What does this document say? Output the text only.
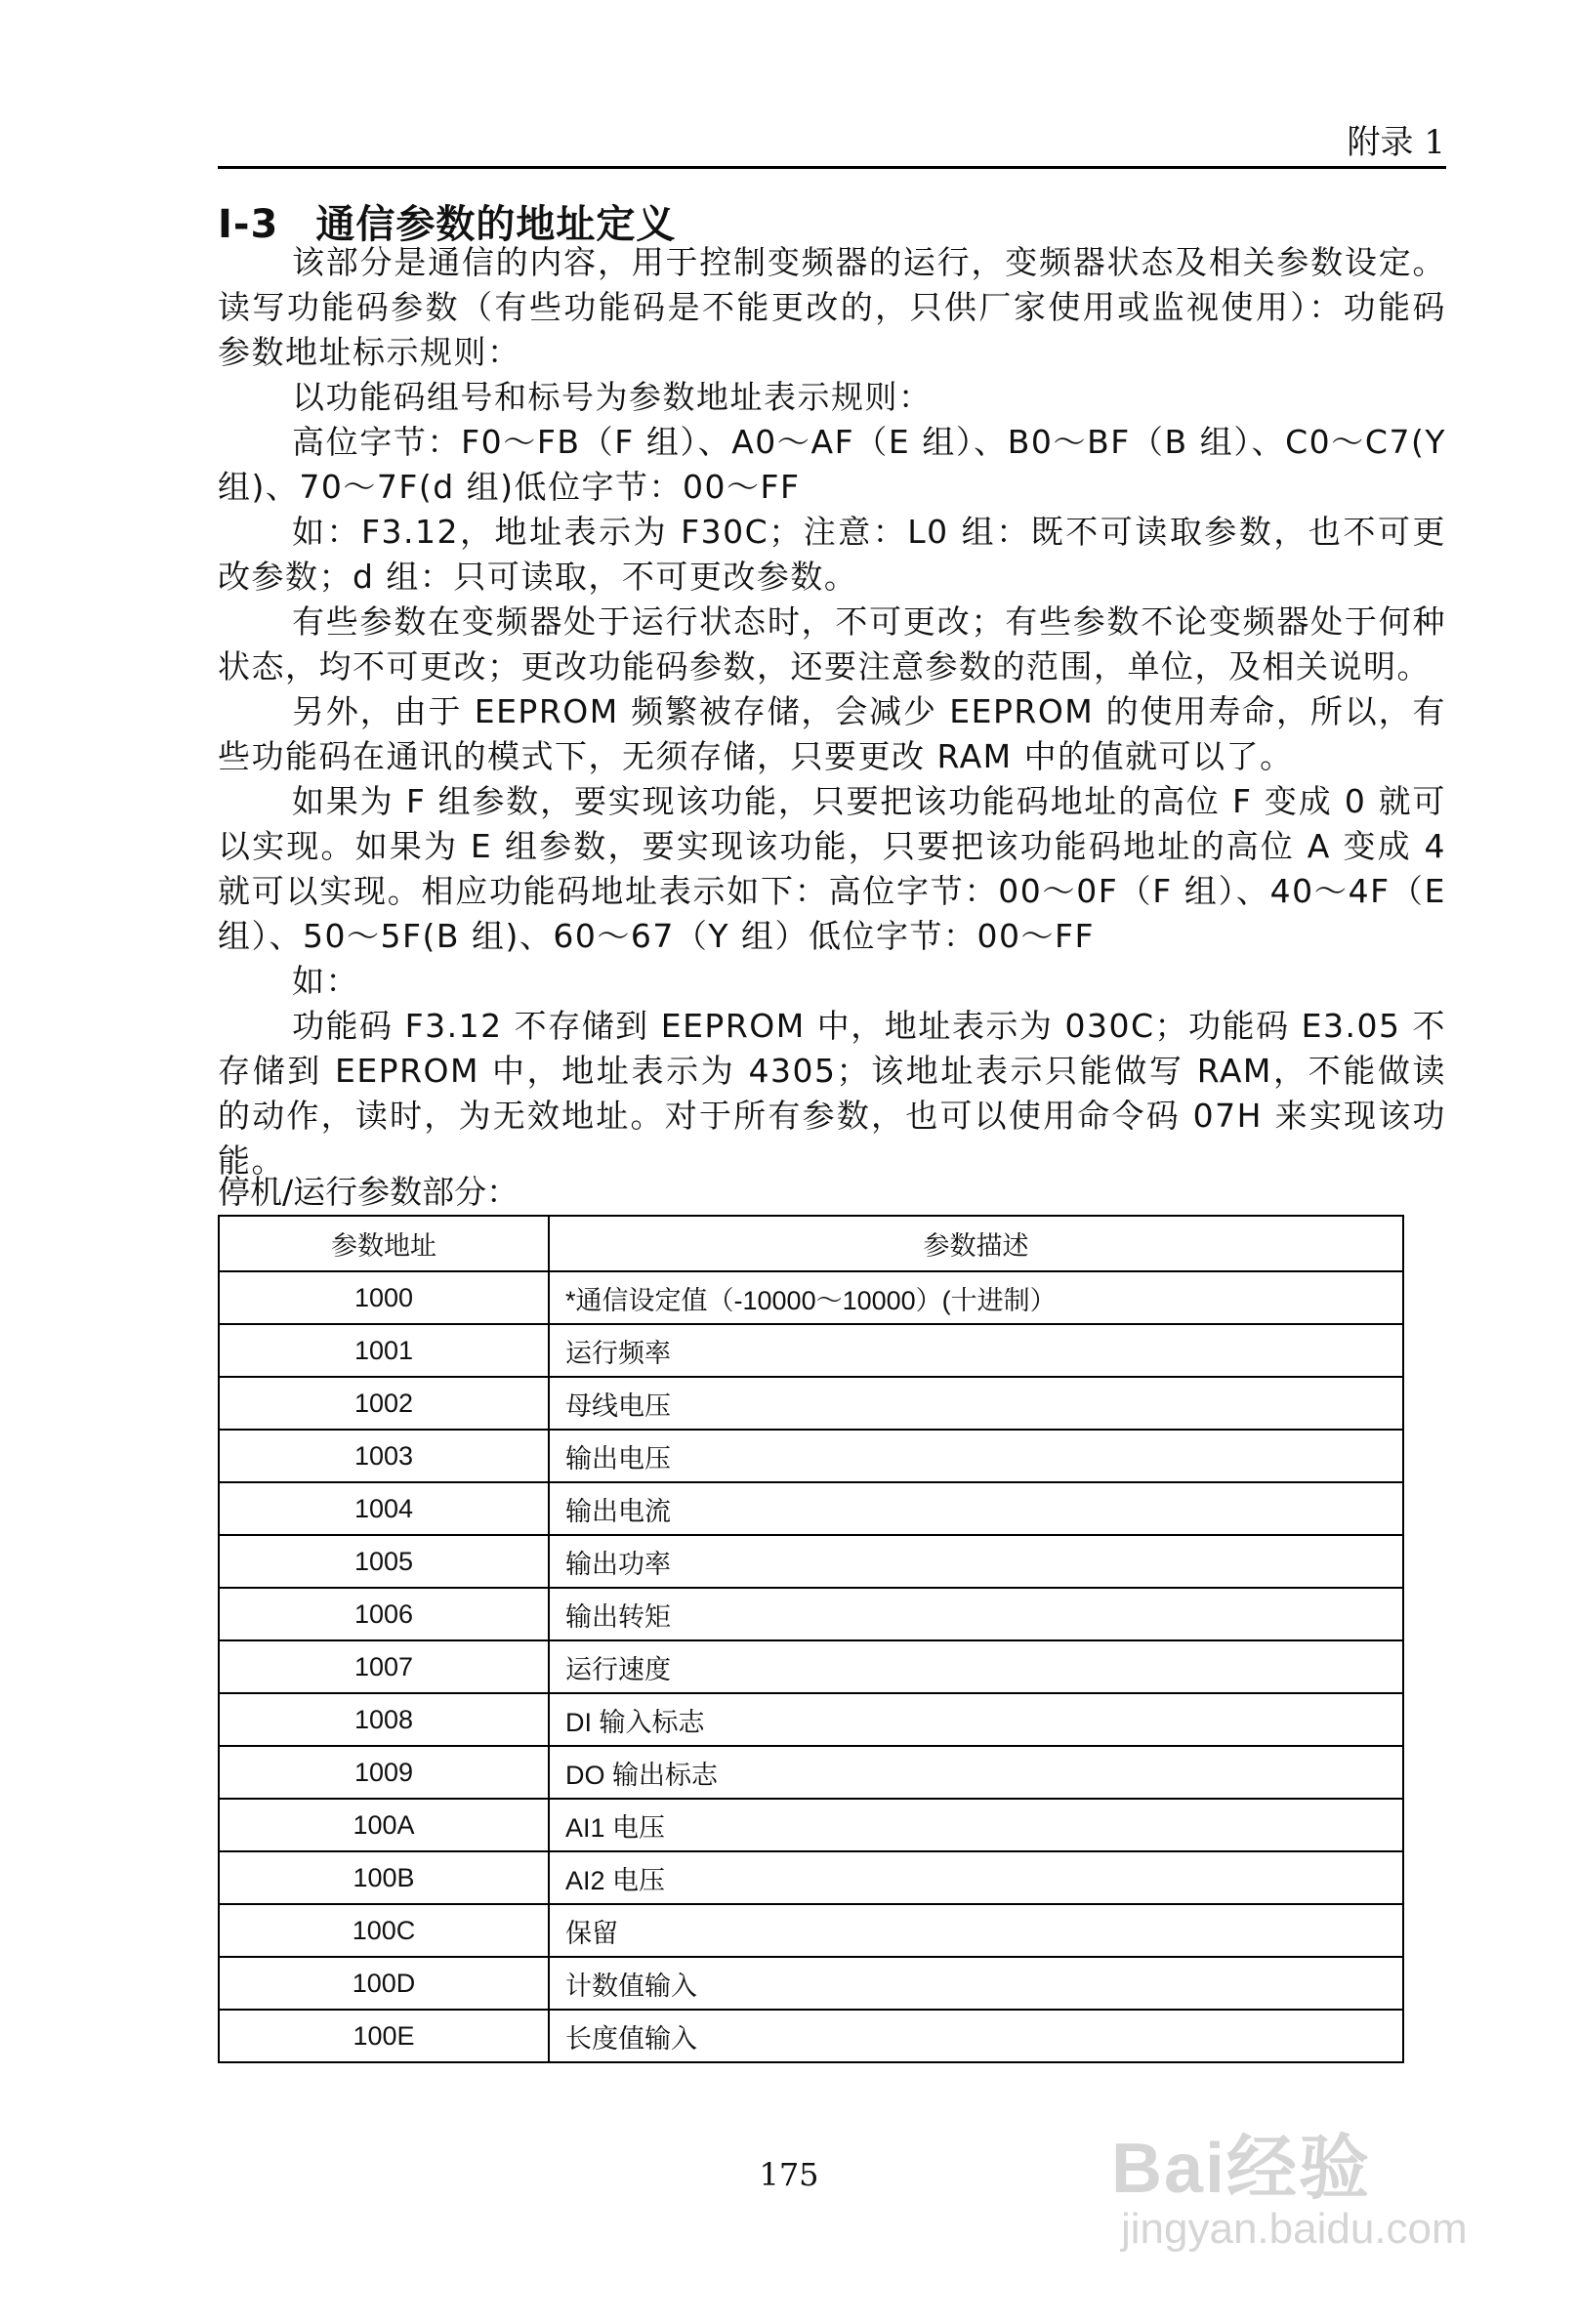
附录 1
I-3 通信参数的地址定义

该部分是通信的内容，用于控制变频器的运行，变频器状态及相关参数设定。读写功能码参数（有些功能码是不能更改的，只供厂家使用或监视使用）：功能码参数地址标示规则：

以功能码组号和标号为参数地址表示规则：

高位字节：F0～FB（F 组）、A0～AF（E 组）、B0～BF（B 组）、C0～C7(Y 组)、70～7F(d 组)低位字节：00～FF

如：F3.12，地址表示为 F30C；注意：L0 组：既不可读取参数，也不可更改参数；d 组：只可读取，不可更改参数。

有些参数在变频器处于运行状态时，不可更改；有些参数不论变频器处于何种状态，均不可更改；更改功能码参数，还要注意参数的范围，单位，及相关说明。

另外，由于 EEPROM 频繁被存储，会减少 EEPROM 的使用寿命，所以，有些功能码在通讯的模式下，无须存储，只要更改 RAM 中的值就可以了。

如果为 F 组参数，要实现该功能，只要把该功能码地址的高位 F 变成 0 就可以实现。如果为 E 组参数，要实现该功能，只要把该功能码地址的高位 A 变成 4 就可以实现。相应功能码地址表示如下：高位字节：00～0F（F 组）、40～4F（E 组）、50～5F(B 组)、60～67（Y 组）低位字节：00～FF

如：

功能码 F3.12 不存储到 EEPROM 中，地址表示为 030C；功能码 E3.05 不存储到 EEPROM 中，地址表示为 4305；该地址表示只能做写 RAM，不能做读的动作，读时，为无效地址。对于所有参数，也可以使用命令码 07H 来实现该功能。

停机/运行参数部分：
参数地址	参数描述
1000	*通信设定值（-10000～10000）(十进制）
1001	运行频率
1002	母线电压
1003	输出电压
1004	输出电流
1005	输出功率
1006	输出转矩
1007	运行速度
1008	DI 输入标志
1009	DO 输出标志
100A	AI1 电压
100B	AI2 电压
100C	保留
100D	计数值输入
100E	长度值输入
175	Bai经验
jingyan.baidu.com
